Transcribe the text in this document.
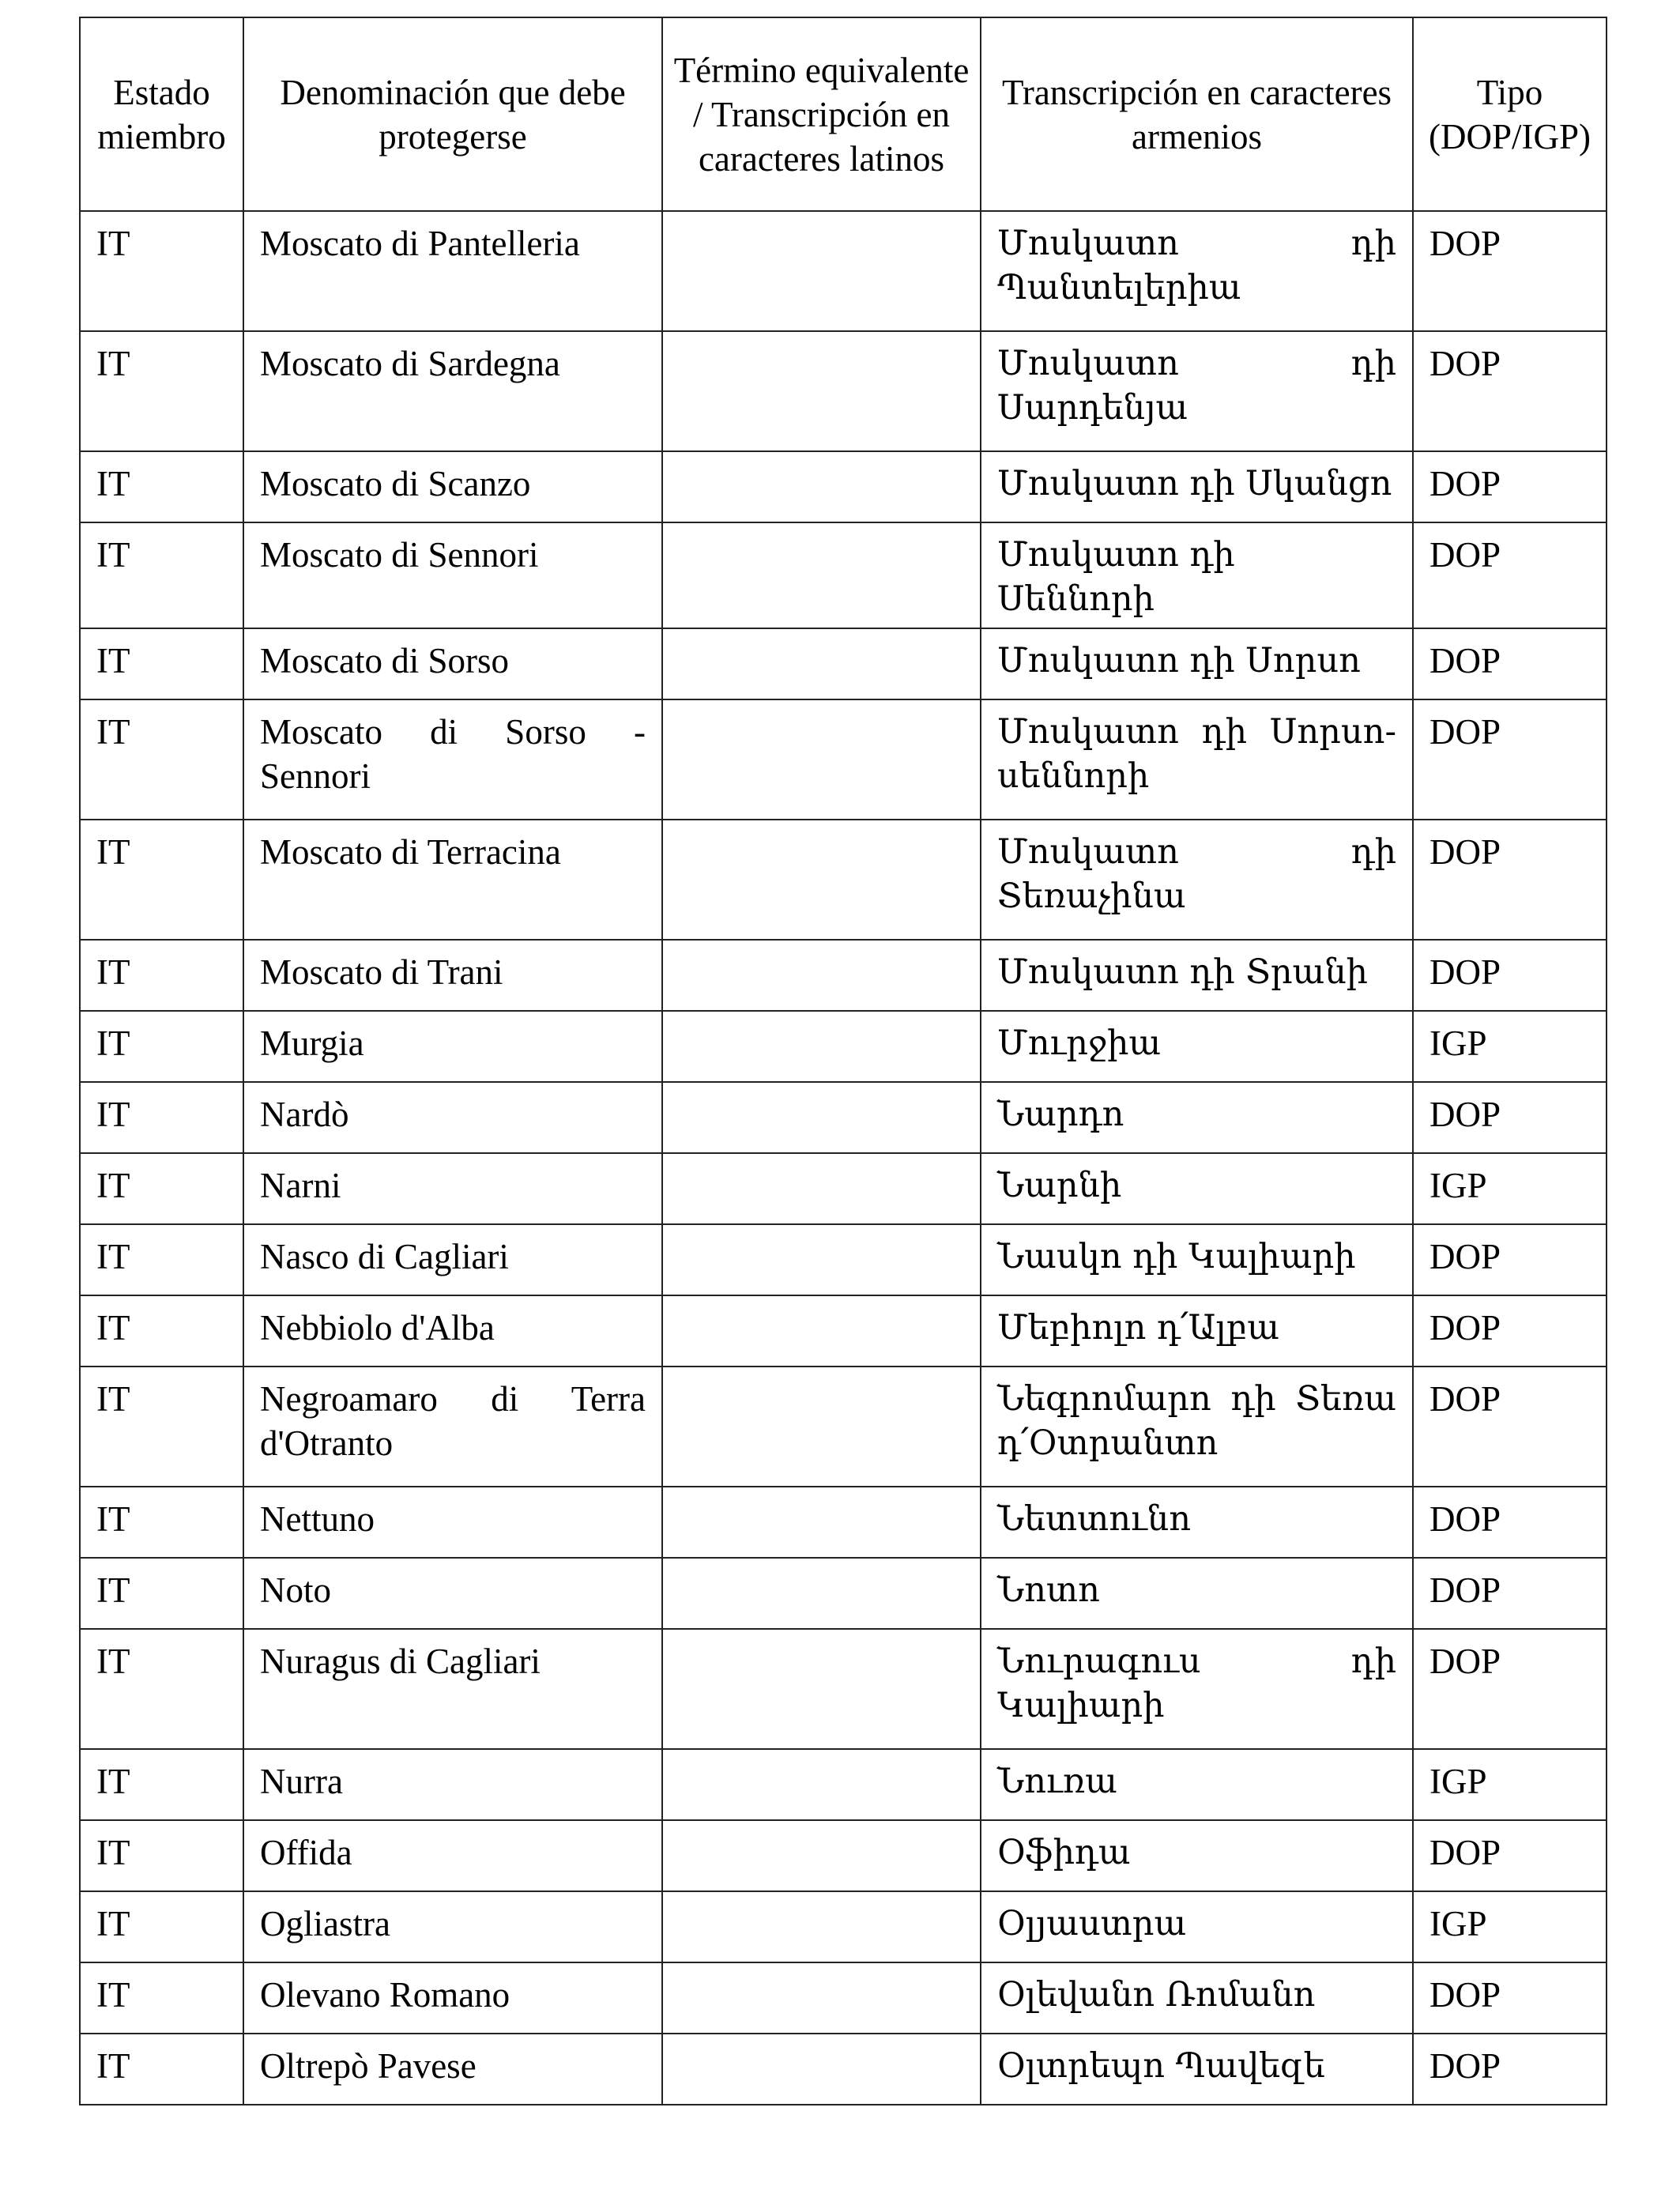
Estado miembro	Denominación que debe protegerse	Término equivalente / Transcripción en caracteres latinos	Transcripción en caracteres armenios	Tipo (DOP/IGP)
IT	Moscato di Pantelleria		Մոսկատո դի Պանտելերիա	DOP
IT	Moscato di Sardegna		Մոսկատո դի Սարդենյա	DOP
IT	Moscato di Scanzo		Մոսկատո դի Սկանցո	DOP
IT	Moscato di Sennori		Մոսկատո դի Սեննորի	DOP
IT	Moscato di Sorso		Մոսկատո դի Սորսո	DOP
IT	Moscato di Sorso - Sennori		Մոսկատո դի Սորսո-սեննորի	DOP
IT	Moscato di Terracina		Մոսկատո դի Տեռաչինա	DOP
IT	Moscato di Trani		Մոսկատո դի Տրանի	DOP
IT	Murgia		Մուրջիա	IGP
IT	Nardò		Նարդո	DOP
IT	Narni		Նարնի	IGP
IT	Nasco di Cagliari		Նասկո դի Կալիարի	DOP
IT	Nebbiolo d'Alba		Մեբիոլո դ՛Ալբա	DOP
IT	Negroamaro di Terra d'Otranto		Նեգրոմարո դի Տեռա դ՛Օտրանտո	DOP
IT	Nettuno		Նետտունո	DOP
IT	Noto		Նոտո	DOP
IT	Nuragus di Cagliari		Նուրագուս դի Կալիարի	DOP
IT	Nurra		Նուռա	IGP
IT	Offida		Օֆիդա	DOP
IT	Ogliastra		Օլյաստրա	IGP
IT	Olevano Romano		Օլեվանո Ռոմանո	DOP
IT	Oltrepò Pavese		Օլտրեպո Պավեզե	DOP
